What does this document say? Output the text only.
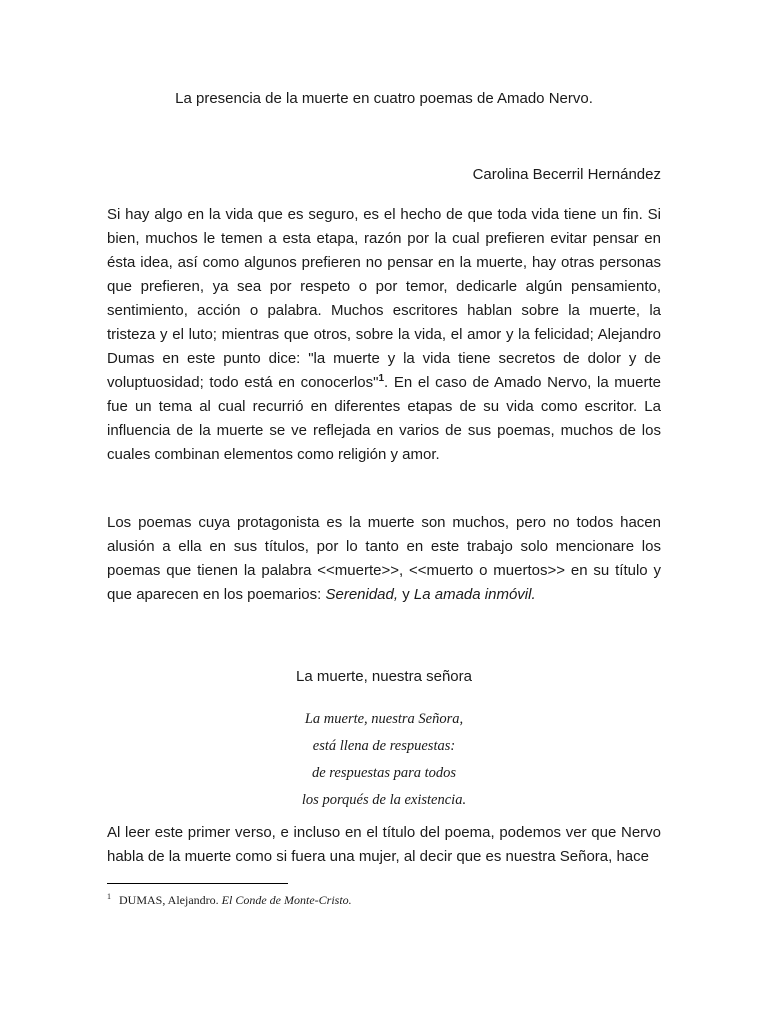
La presencia de la muerte en cuatro poemas de Amado Nervo.
Carolina Becerril Hernández
Si hay algo en la vida que es seguro, es el hecho de que toda vida tiene un fin. Si bien, muchos le temen a esta etapa, razón por la cual prefieren evitar pensar en ésta idea, así como algunos prefieren no pensar en la muerte, hay otras personas que prefieren, ya sea por respeto o por temor, dedicarle algún pensamiento, sentimiento, acción o palabra. Muchos escritores hablan sobre la muerte, la tristeza y el luto; mientras que otros, sobre la vida, el amor y la felicidad; Alejandro Dumas en este punto dice: "la muerte y la vida tiene secretos de dolor y de voluptuosidad; todo está en conocerlos"$^1$. En el caso de Amado Nervo, la muerte fue un tema al cual recurrió en diferentes etapas de su vida como escritor. La influencia de la muerte se ve reflejada en varios de sus poemas, muchos de los cuales combinan elementos como religión y amor.
Los poemas cuya protagonista es la muerte son muchos, pero no todos hacen alusión a ella en sus títulos, por lo tanto en este trabajo solo mencionare los poemas que tienen la palabra <<muerte>>, <<muerto o muertos>> en su título y que aparecen en los poemarios: Serenidad, y La amada inmóvil.
La muerte, nuestra señora
La muerte, nuestra Señora,
está llena de respuestas:
de respuestas para todos
los porqués de la existencia.
Al leer este primer verso, e incluso en el título del poema, podemos ver que Nervo habla de la muerte como si fuera una mujer, al decir que es nuestra Señora, hace
$^1$ DUMAS, Alejandro. El Conde de Monte-Cristo.
